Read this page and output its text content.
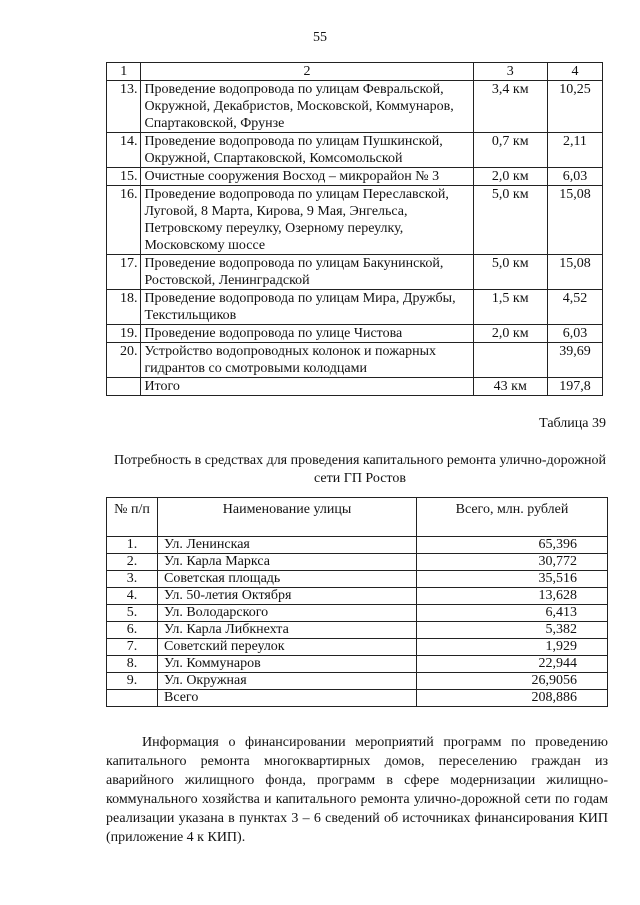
55
1	2	3	4
13.	Проведение водопровода по улицам Февральской, Окружной, Декабристов, Московской, Коммунаров, Спартаковской, Фрунзе	3,4 км	10,25
14.	Проведение водопровода по улицам Пушкинской, Окружной, Спартаковской, Комсомольской	0,7 км	2,11
15.	Очистные сооружения Восход – микрорайон № 3	2,0 км	6,03
16.	Проведение водопровода по улицам Переславской, Луговой, 8 Марта, Кирова, 9 Мая, Энгельса, Петровскому переулку, Озерному переулку, Московскому шоссе	5,0 км	15,08
17.	Проведение водопровода по улицам Бакунинской, Ростовской, Ленинградской	5,0 км	15,08
18.	Проведение водопровода по улицам Мира, Дружбы, Текстильщиков	1,5 км	4,52
19.	Проведение водопровода по улице Чистова	2,0 км	6,03
20.	Устройство водопроводных колонок и пожарных гидрантов со смотровыми колодцами		39,69
	Итого	43 км	197,8
Таблица 39
Потребность в средствах для проведения капитального ремонта улично-дорожной сети ГП Ростов
№ п/п	Наименование улицы	Всего, млн. рублей
1.	Ул. Ленинская	65,396
2.	Ул. Карла Маркса	30,772
3.	Советская площадь	35,516
4.	Ул. 50-летия Октября	13,628
5.	Ул. Володарского	6,413
6.	Ул. Карла Либкнехта	5,382
7.	Советский переулок	1,929
8.	Ул. Коммунаров	22,944
9.	Ул. Окружная	26,9056
	Всего	208,886

Информация о финансировании мероприятий программ по проведению капитального ремонта многоквартирных домов, переселению граждан из аварийного жилищного фонда, программ в сфере модернизации жилищно-коммунального хозяйства и капитального ремонта улично-дорожной сети по годам реализации указана в пунктах 3 – 6 сведений об источниках финансирования КИП (приложение 4 к КИП).
